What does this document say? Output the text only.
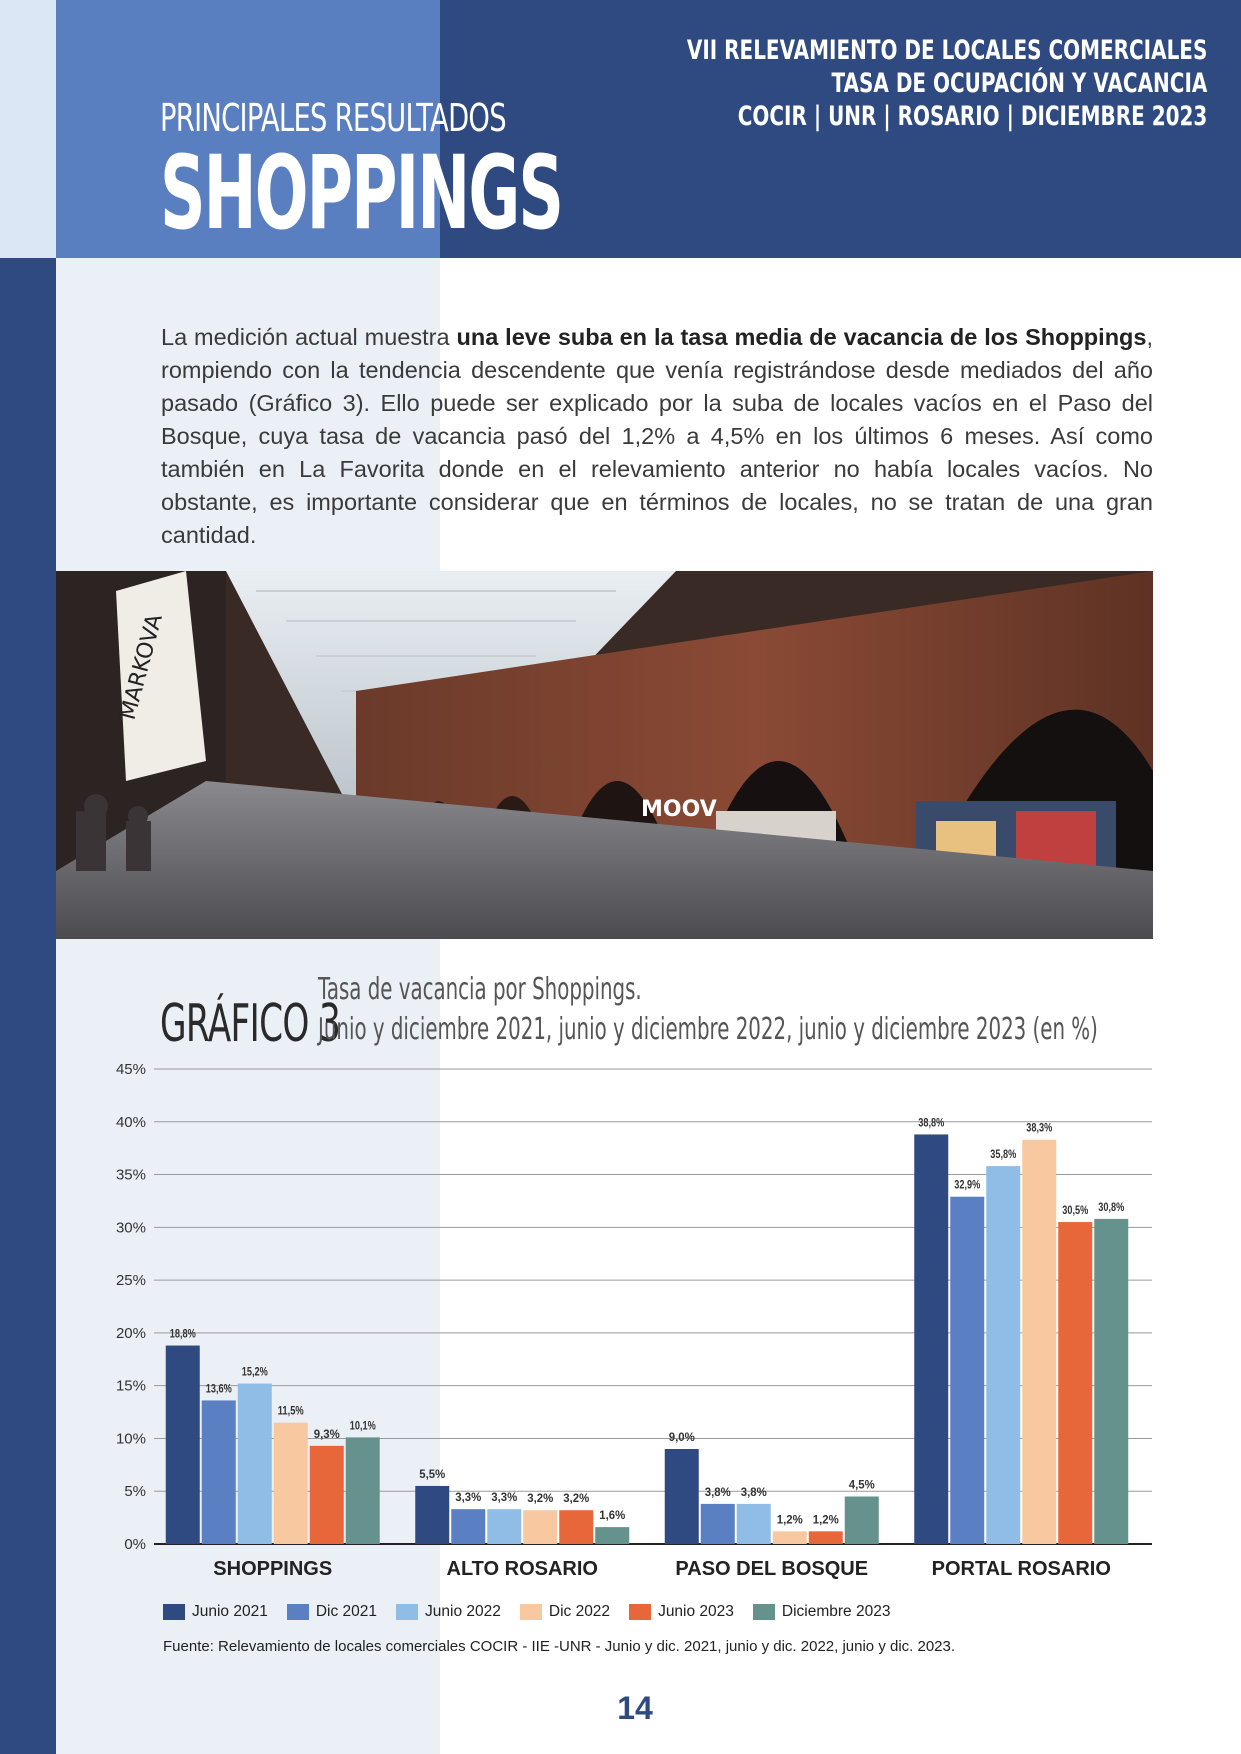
PRINCIPALES RESULTADOS
SHOPPINGS
VII RELEVAMIENTO DE LOCALES COMERCIALES
TASA DE OCUPACIÓN Y VACANCIA
COCIR | UNR | ROSARIO | DICIEMBRE 2023
La medición actual muestra una leve suba en la tasa media de vacancia de los Shoppings, rompiendo con la tendencia descendente que venía registrándose desde mediados del año pasado (Gráfico 3). Ello puede ser explicado por la suba de locales vacíos en el Paso del Bosque, cuya tasa de vacancia pasó del 1,2% a 4,5% en los últimos 6 meses. Así como también en La Favorita donde en el relevamiento anterior no había locales vacíos. No obstante, es importante considerar que en términos de locales, no se tratan de una gran cantidad.
MOOV
MARKOVA
GRÁFICO 3
Tasa de vacancia por Shoppings.
Junio y diciembre 2021, junio y diciembre 2022, junio y diciembre 2023 (en %)
0%
5%
10%
15%
20%
25%
30%
35%
40%
45%
18,8%
13,6%
15,2%
11,5%
9,3%
10,1%
SHOPPINGS
5,5%
3,3% 3,3% 3,2% 3,2%
1,6%
ALTO ROSARIO
9,0%
3,8% 3,8%
1,2% 1,2%
4,5%
PASO DEL BOSQUE
38,8%
32,9%
35,8%
38,3%
30,5% 30,8%
PORTAL ROSARIO
Junio 2021	Dic 2021	Junio 2022	Dic 2022	Junio 2023	Diciembre 2023
Fuente: Relevamiento de locales comerciales COCIR - IIE -UNR - Junio y dic. 2021, junio y dic. 2022, junio y dic. 2023.
14
